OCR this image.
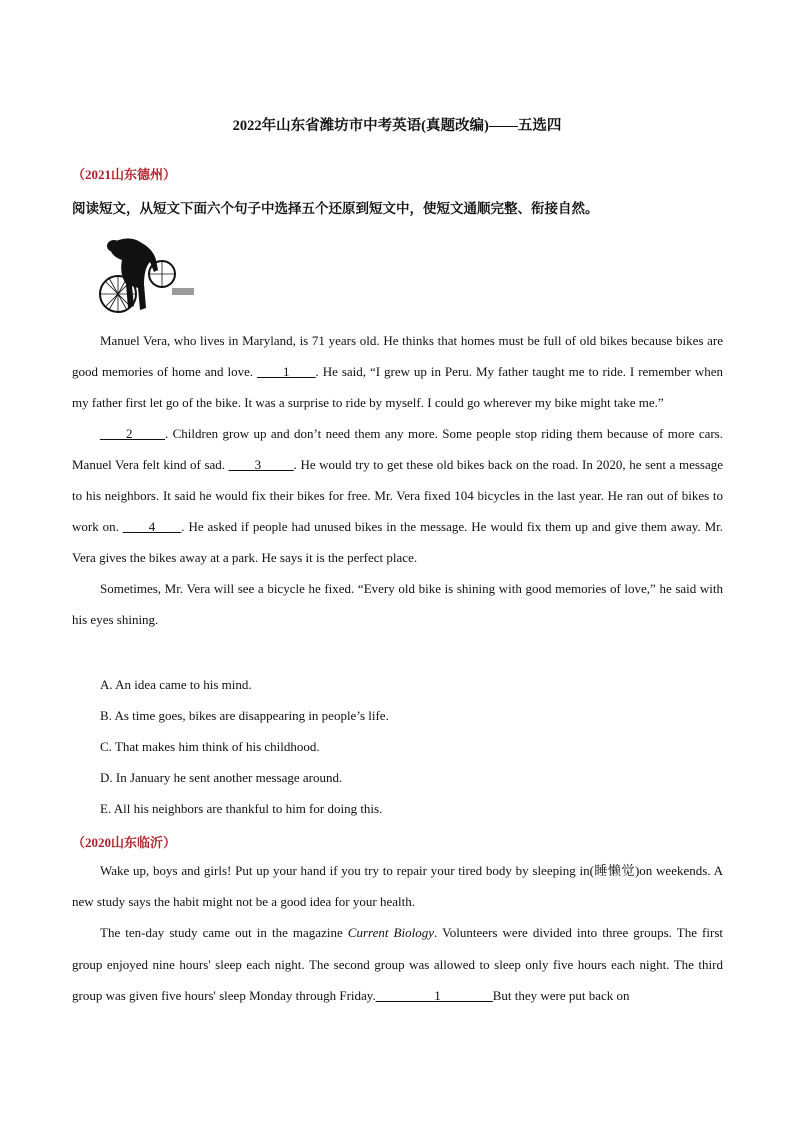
2022年山东省潍坊市中考英语(真题改编)——五选四
（2021山东德州）
阅读短文，从短文下面六个句子中选择五个还原到短文中，使短文通顺完整、衔接自然。

Manuel Vera, who lives in Maryland, is 71 years old. He thinks that homes must be full of old bikes because bikes are good memories of home and love. ____1____. He said, “I grew up in Peru. My father taught me to ride. I remember when my father first let go of the bike. It was a surprise to ride by myself. I could go wherever my bike might take me.”

____2_____. Children grow up and don’t need them any more. Some people stop riding them because of more cars. Manuel Vera felt kind of sad. ____3_____. He would try to get these old bikes back on the road. In 2020, he sent a message to his neighbors. It said he would fix their bikes for free. Mr. Vera fixed 104 bicycles in the last year. He ran out of bikes to work on. ____4____. He asked if people had unused bikes in the message. He would fix them up and give them away. Mr. Vera gives the bikes away at a park. He says it is the perfect place.

Sometimes, Mr. Vera will see a bicycle he fixed. “Every old bike is shining with good memories of love,” he said with his eyes shining.

A. An idea came to his mind.
B. As time goes, bikes are disappearing in people’s life.
C. That makes him think of his childhood.
D. In January he sent another message around.
E. All his neighbors are thankful to him for doing this.
（2020山东临沂）

Wake up, boys and girls! Put up your hand if you try to repair your tired body by sleeping in(睡懒觉)on weekends. A new study says the habit might not be a good idea for your health.

The ten-day study came out in the magazine Current Biology. Volunteers were divided into three groups. The first group enjoyed nine hours' sleep each night. The second group was allowed to sleep only five hours each night. The third group was given five hours' sleep Monday through Friday._________1________But they were put back on
